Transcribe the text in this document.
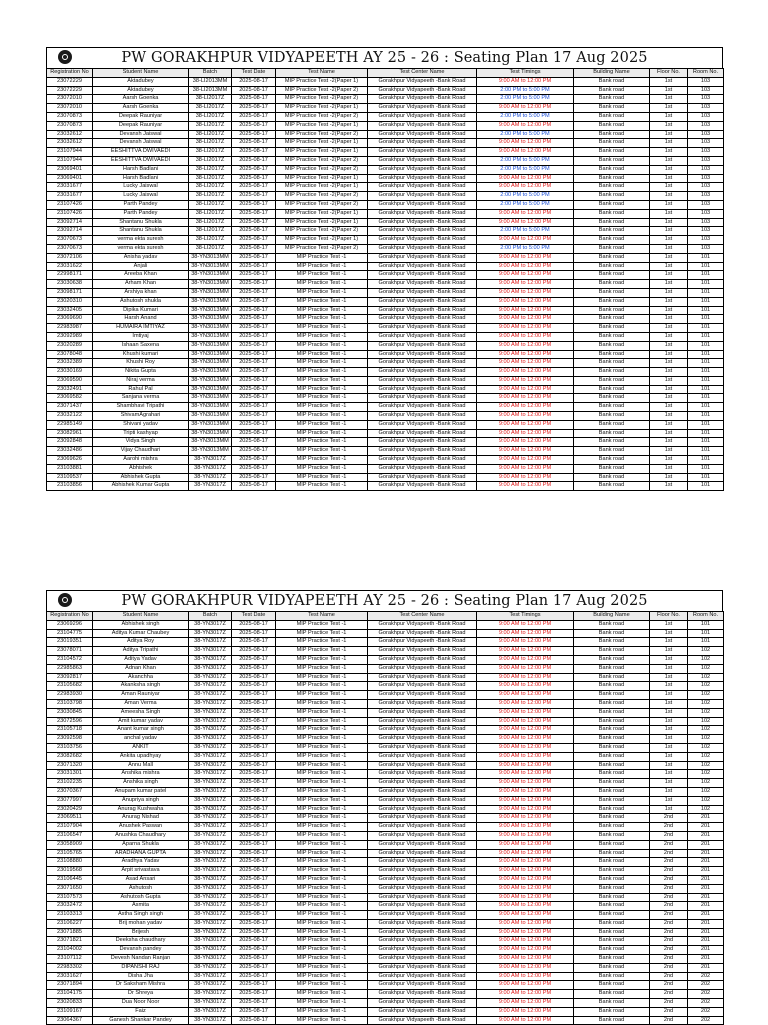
PW GORAKHPUR VIDYAPEETH AY 25 - 26 : Seating Plan 17 Aug 2025
Registration No	Student Name	Batch	Test Date	Test Name	Test Center Name	Test Timings	Building Name	Floor No.	Room No.
23072229	Aktadubey	38-LI2013MM	2025-08-17	MIP Practice Test -2(Paper 1)	Gorakhpur Vidyapeeth -Bank Road	9:00 AM to 12:00 PM	Bank road	1st	103
23072229	Aktadubey	38-LI2013MM	2025-08-17	MIP Practice Test -2(Paper 2)	Gorakhpur Vidyapeeth -Bank Road	2:00 PM to 5:00 PM	Bank road	1st	103
23072010	Aarsh Goenka	38-LI2017Z	2025-08-17	MIP Practice Test -2(Paper 2)	Gorakhpur Vidyapeeth -Bank Road	2:00 PM to 5:00 PM	Bank road	1st	103
23072010	Aarsh Goenka	38-LI2017Z	2025-08-17	MIP Practice Test -2(Paper 1)	Gorakhpur Vidyapeeth -Bank Road	9:00 AM to 12:00 PM	Bank road	1st	103
23070873	Deepak Rauniyar	38-LI2017Z	2025-08-17	MIP Practice Test -2(Paper 2)	Gorakhpur Vidyapeeth -Bank Road	2:00 PM to 5:00 PM	Bank road	1st	103
23070873	Deepak Rauniyar	38-LI2017Z	2025-08-17	MIP Practice Test -2(Paper 1)	Gorakhpur Vidyapeeth -Bank Road	9:00 AM to 12:00 PM	Bank road	1st	103
23032612	Devansh Jaiswal	38-LI2017Z	2025-08-17	MIP Practice Test -2(Paper 2)	Gorakhpur Vidyapeeth -Bank Road	2:00 PM to 5:00 PM	Bank road	1st	103
23032612	Devansh Jaiswal	38-LI2017Z	2025-08-17	MIP Practice Test -2(Paper 1)	Gorakhpur Vidyapeeth -Bank Road	9:00 AM to 12:00 PM	Bank road	1st	103
23107944	EESHITTVA DWIVAEDI	38-LI2017Z	2025-08-17	MIP Practice Test -2(Paper 1)	Gorakhpur Vidyapeeth -Bank Road	9:00 AM to 12:00 PM	Bank road	1st	103
23107944	EESHITTVA DWIVAEDI	38-LI2017Z	2025-08-17	MIP Practice Test -2(Paper 2)	Gorakhpur Vidyapeeth -Bank Road	2:00 PM to 5:00 PM	Bank road	1st	103
23069401	Harsh Badlani	38-LI2017Z	2025-08-17	MIP Practice Test -2(Paper 2)	Gorakhpur Vidyapeeth -Bank Road	2:00 PM to 5:00 PM	Bank road	1st	103
23069401	Harsh Badlani	38-LI2017Z	2025-08-17	MIP Practice Test -2(Paper 1)	Gorakhpur Vidyapeeth -Bank Road	9:00 AM to 12:00 PM	Bank road	1st	103
23031677	Lucky Jaiswal	38-LI2017Z	2025-08-17	MIP Practice Test -2(Paper 1)	Gorakhpur Vidyapeeth -Bank Road	9:00 AM to 12:00 PM	Bank road	1st	103
23031677	Lucky Jaiswal	38-LI2017Z	2025-08-17	MIP Practice Test -2(Paper 2)	Gorakhpur Vidyapeeth -Bank Road	2:00 PM to 5:00 PM	Bank road	1st	103
23107426	Parth Pandey	38-LI2017Z	2025-08-17	MIP Practice Test -2(Paper 2)	Gorakhpur Vidyapeeth -Bank Road	2:00 PM to 5:00 PM	Bank road	1st	103
23107426	Parth Pandey	38-LI2017Z	2025-08-17	MIP Practice Test -2(Paper 1)	Gorakhpur Vidyapeeth -Bank Road	9:00 AM to 12:00 PM	Bank road	1st	103
23092714	Shantanu Shukla	38-LI2017Z	2025-08-17	MIP Practice Test -2(Paper 1)	Gorakhpur Vidyapeeth -Bank Road	9:00 AM to 12:00 PM	Bank road	1st	103
23092714	Shantanu Shukla	38-LI2017Z	2025-08-17	MIP Practice Test -2(Paper 2)	Gorakhpur Vidyapeeth -Bank Road	2:00 PM to 5:00 PM	Bank road	1st	103
23070673	verma ekta suresh	38-LI2017Z	2025-08-17	MIP Practice Test -2(Paper 1)	Gorakhpur Vidyapeeth -Bank Road	9:00 AM to 12:00 PM	Bank road	1st	103
23070673	verma ekta suresh	38-LI2017Z	2025-08-17	MIP Practice Test -2(Paper 2)	Gorakhpur Vidyapeeth -Bank Road	2:00 PM to 5:00 PM	Bank road	1st	103
23072106	Anisha yadav	38-YN3013MM	2025-08-17	MIP Practice Test -1	Gorakhpur Vidyapeeth -Bank Road	9:00 AM to 12:00 PM	Bank road	1st	101
23031622	Anjali	38-YN3013MM	2025-08-17	MIP Practice Test -1	Gorakhpur Vidyapeeth -Bank Road	9:00 AM to 12:00 PM	Bank road	1st	101
22998171	Areeba Khan	38-YN3013MM	2025-08-17	MIP Practice Test -1	Gorakhpur Vidyapeeth -Bank Road	9:00 AM to 12:00 PM	Bank road	1st	101
23030638	Arham Khan	38-YN3013MM	2025-08-17	MIP Practice Test -1	Gorakhpur Vidyapeeth -Bank Road	9:00 AM to 12:00 PM	Bank road	1st	101
23098171	Arshiya khan	38-YN3013MM	2025-08-17	MIP Practice Test -1	Gorakhpur Vidyapeeth -Bank Road	9:00 AM to 12:00 PM	Bank road	1st	101
23020310	Ashutosh shukla	38-YN3013MM	2025-08-17	MIP Practice Test -1	Gorakhpur Vidyapeeth -Bank Road	9:00 AM to 12:00 PM	Bank road	1st	101
23032405	Dipika Kumari	38-YN3013MM	2025-08-17	MIP Practice Test -1	Gorakhpur Vidyapeeth -Bank Road	9:00 AM to 12:00 PM	Bank road	1st	101
23069690	Harsh Anand	38-YN3013MM	2025-08-17	MIP Practice Test -1	Gorakhpur Vidyapeeth -Bank Road	9:00 AM to 12:00 PM	Bank road	1st	101
22983987	HUMAIRA IMTIYAZ	38-YN3013MM	2025-08-17	MIP Practice Test -1	Gorakhpur Vidyapeeth -Bank Road	9:00 AM to 12:00 PM	Bank road	1st	101
23092989	Imtiyaj	38-YN3013MM	2025-08-17	MIP Practice Test -1	Gorakhpur Vidyapeeth -Bank Road	9:00 AM to 12:00 PM	Bank road	1st	101
23020289	Ishaan Saxena	38-YN3013MM	2025-08-17	MIP Practice Test -1	Gorakhpur Vidyapeeth -Bank Road	9:00 AM to 12:00 PM	Bank road	1st	101
23078048	Khushi kumari	38-YN3013MM	2025-08-17	MIP Practice Test -1	Gorakhpur Vidyapeeth -Bank Road	9:00 AM to 12:00 PM	Bank road	1st	101
23032389	Khushi Roy	38-YN3013MM	2025-08-17	MIP Practice Test -1	Gorakhpur Vidyapeeth -Bank Road	9:00 AM to 12:00 PM	Bank road	1st	101
23030169	Nikita Gupta	38-YN3013MM	2025-08-17	MIP Practice Test -1	Gorakhpur Vidyapeeth -Bank Road	9:00 AM to 12:00 PM	Bank road	1st	101
23069590	Niraj verma	38-YN3013MM	2025-08-17	MIP Practice Test -1	Gorakhpur Vidyapeeth -Bank Road	9:00 AM to 12:00 PM	Bank road	1st	101
23032491	Rahul Pal	38-YN3013MM	2025-08-17	MIP Practice Test -1	Gorakhpur Vidyapeeth -Bank Road	9:00 AM to 12:00 PM	Bank road	1st	101
23069582	Sanjana verma	38-YN3013MM	2025-08-17	MIP Practice Test -1	Gorakhpur Vidyapeeth -Bank Road	9:00 AM to 12:00 PM	Bank road	1st	101
23071437	Shambhavi Tripathi	38-YN3013MM	2025-08-17	MIP Practice Test -1	Gorakhpur Vidyapeeth -Bank Road	9:00 AM to 12:00 PM	Bank road	1st	101
23032122	ShivamAgrahari	38-YN3013MM	2025-08-17	MIP Practice Test -1	Gorakhpur Vidyapeeth -Bank Road	9:00 AM to 12:00 PM	Bank road	1st	101
22985149	Shivani yadav	38-YN3013MM	2025-08-17	MIP Practice Test -1	Gorakhpur Vidyapeeth -Bank Road	9:00 AM to 12:00 PM	Bank road	1st	101
23082961	Tripti kashyap	38-YN3013MM	2025-08-17	MIP Practice Test -1	Gorakhpur Vidyapeeth -Bank Road	9:00 AM to 12:00 PM	Bank road	1st	101
23092848	Vidya Singh	38-YN3013MM	2025-08-17	MIP Practice Test -1	Gorakhpur Vidyapeeth -Bank Road	9:00 AM to 12:00 PM	Bank road	1st	101
23032486	Vijay Chaudhari	38-YN3013MM	2025-08-17	MIP Practice Test -1	Gorakhpur Vidyapeeth -Bank Road	9:00 AM to 12:00 PM	Bank road	1st	101
23069626	Aarohi mishra	38-YN3017Z	2025-08-17	MIP Practice Test -1	Gorakhpur Vidyapeeth -Bank Road	9:00 AM to 12:00 PM	Bank road	1st	101
23103881	Abhishek	38-YN3017Z	2025-08-17	MIP Practice Test -1	Gorakhpur Vidyapeeth -Bank Road	9:00 AM to 12:00 PM	Bank road	1st	101
23109537	Abhishek Gupta	38-YN3017Z	2025-08-17	MIP Practice Test -1	Gorakhpur Vidyapeeth -Bank Road	9:00 AM to 12:00 PM	Bank road	1st	101
23103856	Abhishek Kumar Gupta	38-YN3017Z	2025-08-17	MIP Practice Test -1	Gorakhpur Vidyapeeth -Bank Road	9:00 AM to 12:00 PM	Bank road	1st	101
PW GORAKHPUR VIDYAPEETH AY 25 - 26 : Seating Plan 17 Aug 2025
Registration No	Student Name	Batch	Test Date	Test Name	Test Center Name	Test Timings	Building Name	Floor No.	Room No.
23069296	Abhishek singh	38-YN3017Z	2025-08-17	MIP Practice Test -1	Gorakhpur Vidyapeeth -Bank Road	9:00 AM to 12:00 PM	Bank road	1st	101
23104775	Aditya Kumar Chaubey	38-YN3017Z	2025-08-17	MIP Practice Test -1	Gorakhpur Vidyapeeth -Bank Road	9:00 AM to 12:00 PM	Bank road	1st	101
23019351	Aditya Roy	38-YN3017Z	2025-08-17	MIP Practice Test -1	Gorakhpur Vidyapeeth -Bank Road	9:00 AM to 12:00 PM	Bank road	1st	101
23078071	Aditya Tripathi	38-YN3017Z	2025-08-17	MIP Practice Test -1	Gorakhpur Vidyapeeth -Bank Road	9:00 AM to 12:00 PM	Bank road	1st	102
23104572	Aditya Yadav	38-YN3017Z	2025-08-17	MIP Practice Test -1	Gorakhpur Vidyapeeth -Bank Road	9:00 AM to 12:00 PM	Bank road	1st	102
22985863	Adnan Khan	38-YN3017Z	2025-08-17	MIP Practice Test -1	Gorakhpur Vidyapeeth -Bank Road	9:00 AM to 12:00 PM	Bank road	1st	102
23092817	Akanchha	38-YN3017Z	2025-08-17	MIP Practice Test -1	Gorakhpur Vidyapeeth -Bank Road	9:00 AM to 12:00 PM	Bank road	1st	102
23105682	Akanksha singh	38-YN3017Z	2025-08-17	MIP Practice Test -1	Gorakhpur Vidyapeeth -Bank Road	9:00 AM to 12:00 PM	Bank road	1st	102
22983930	Aman Rauniyar	38-YN3017Z	2025-08-17	MIP Practice Test -1	Gorakhpur Vidyapeeth -Bank Road	9:00 AM to 12:00 PM	Bank road	1st	102
23103798	Aman Verma	38-YN3017Z	2025-08-17	MIP Practice Test -1	Gorakhpur Vidyapeeth -Bank Road	9:00 AM to 12:00 PM	Bank road	1st	102
23030845	Ameesha Singh	38-YN3017Z	2025-08-17	MIP Practice Test -1	Gorakhpur Vidyapeeth -Bank Road	9:00 AM to 12:00 PM	Bank road	1st	102
23072596	Amit kumar yadav	38-YN3017Z	2025-08-17	MIP Practice Test -1	Gorakhpur Vidyapeeth -Bank Road	9:00 AM to 12:00 PM	Bank road	1st	102
23105718	Anant kumar singh	38-YN3017Z	2025-08-17	MIP Practice Test -1	Gorakhpur Vidyapeeth -Bank Road	9:00 AM to 12:00 PM	Bank road	1st	102
23092598	anchal yadav	38-YN3017Z	2025-08-17	MIP Practice Test -1	Gorakhpur Vidyapeeth -Bank Road	9:00 AM to 12:00 PM	Bank road	1st	102
23103756	ANKIT	38-YN3017Z	2025-08-17	MIP Practice Test -1	Gorakhpur Vidyapeeth -Bank Road	9:00 AM to 12:00 PM	Bank road	1st	102
23082682	Ankita upadhyay	38-YN3017Z	2025-08-17	MIP Practice Test -1	Gorakhpur Vidyapeeth -Bank Road	9:00 AM to 12:00 PM	Bank road	1st	102
23071320	Annu Mall	38-YN3017Z	2025-08-17	MIP Practice Test -1	Gorakhpur Vidyapeeth -Bank Road	9:00 AM to 12:00 PM	Bank road	1st	102
23031301	Anshika mishra	38-YN3017Z	2025-08-17	MIP Practice Test -1	Gorakhpur Vidyapeeth -Bank Road	9:00 AM to 12:00 PM	Bank road	1st	102
23102235	Anshika singh	38-YN3017Z	2025-08-17	MIP Practice Test -1	Gorakhpur Vidyapeeth -Bank Road	9:00 AM to 12:00 PM	Bank road	1st	102
23070367	Anupam kumar patel	38-YN3017Z	2025-08-17	MIP Practice Test -1	Gorakhpur Vidyapeeth -Bank Road	9:00 AM to 12:00 PM	Bank road	1st	102
23077997	Anupriya singh	38-YN3017Z	2025-08-17	MIP Practice Test -1	Gorakhpur Vidyapeeth -Bank Road	9:00 AM to 12:00 PM	Bank road	1st	102
23020429	Anurag Kushwaha	38-YN3017Z	2025-08-17	MIP Practice Test -1	Gorakhpur Vidyapeeth -Bank Road	9:00 AM to 12:00 PM	Bank road	1st	102
23069511	Anurag Nishad	38-YN3017Z	2025-08-17	MIP Practice Test -1	Gorakhpur Vidyapeeth -Bank Road	9:00 AM to 12:00 PM	Bank road	2nd	201
23107904	Anushek Paswan	38-YN3017Z	2025-08-17	MIP Practice Test -1	Gorakhpur Vidyapeeth -Bank Road	9:00 AM to 12:00 PM	Bank road	2nd	201
23106547	Anushka Chaudhary	38-YN3017Z	2025-08-17	MIP Practice Test -1	Gorakhpur Vidyapeeth -Bank Road	9:00 AM to 12:00 PM	Bank road	2nd	201
23058909	Aparna Shukla	38-YN3017Z	2025-08-17	MIP Practice Test -1	Gorakhpur Vidyapeeth -Bank Road	9:00 AM to 12:00 PM	Bank road	2nd	201
23105765	ARADHANA GUPTA	38-YN3017Z	2025-08-17	MIP Practice Test -1	Gorakhpur Vidyapeeth -Bank Road	9:00 AM to 12:00 PM	Bank road	2nd	201
23108880	Aradhya Yadav	38-YN3017Z	2025-08-17	MIP Practice Test -1	Gorakhpur Vidyapeeth -Bank Road	9:00 AM to 12:00 PM	Bank road	2nd	201
23019568	Arpit srivastava	38-YN3017Z	2025-08-17	MIP Practice Test -1	Gorakhpur Vidyapeeth -Bank Road	9:00 AM to 12:00 PM	Bank road	2nd	201
23106445	Asad Ansari	38-YN3017Z	2025-08-17	MIP Practice Test -1	Gorakhpur Vidyapeeth -Bank Road	9:00 AM to 12:00 PM	Bank road	2nd	201
23071650	Ashutosh	38-YN3017Z	2025-08-17	MIP Practice Test -1	Gorakhpur Vidyapeeth -Bank Road	9:00 AM to 12:00 PM	Bank road	2nd	201
23107573	Ashutosh Gupta	38-YN3017Z	2025-08-17	MIP Practice Test -1	Gorakhpur Vidyapeeth -Bank Road	9:00 AM to 12:00 PM	Bank road	2nd	201
23032472	Asmita	38-YN3017Z	2025-08-17	MIP Practice Test -1	Gorakhpur Vidyapeeth -Bank Road	9:00 AM to 12:00 PM	Bank road	2nd	201
23103313	Astha Singh singh	38-YN3017Z	2025-08-17	MIP Practice Test -1	Gorakhpur Vidyapeeth -Bank Road	9:00 AM to 12:00 PM	Bank road	2nd	201
23106227	Brij mohan yadav	38-YN3017Z	2025-08-17	MIP Practice Test -1	Gorakhpur Vidyapeeth -Bank Road	9:00 AM to 12:00 PM	Bank road	2nd	201
23071885	Brijesh	38-YN3017Z	2025-08-17	MIP Practice Test -1	Gorakhpur Vidyapeeth -Bank Road	9:00 AM to 12:00 PM	Bank road	2nd	201
23071821	Deeksha chaudhary	38-YN3017Z	2025-08-17	MIP Practice Test -1	Gorakhpur Vidyapeeth -Bank Road	9:00 AM to 12:00 PM	Bank road	2nd	201
23104002	Devansh pandey	38-YN3017Z	2025-08-17	MIP Practice Test -1	Gorakhpur Vidyapeeth -Bank Road	9:00 AM to 12:00 PM	Bank road	2nd	201
23107112	Devesh Nandan Ranjan	38-YN3017Z	2025-08-17	MIP Practice Test -1	Gorakhpur Vidyapeeth -Bank Road	9:00 AM to 12:00 PM	Bank road	2nd	201
22983302	DIPANSHI RAJ	38-YN3017Z	2025-08-17	MIP Practice Test -1	Gorakhpur Vidyapeeth -Bank Road	9:00 AM to 12:00 PM	Bank road	2nd	201
23031627	Disha Jha	38-YN3017Z	2025-08-17	MIP Practice Test -1	Gorakhpur Vidyapeeth -Bank Road	9:00 AM to 12:00 PM	Bank road	2nd	202
23071894	Dr Saksham Mishra	38-YN3017Z	2025-08-17	MIP Practice Test -1	Gorakhpur Vidyapeeth -Bank Road	9:00 AM to 12:00 PM	Bank road	2nd	202
23104175	Dr Shreya	38-YN3017Z	2025-08-17	MIP Practice Test -1	Gorakhpur Vidyapeeth -Bank Road	9:00 AM to 12:00 PM	Bank road	2nd	202
23020833	Dua Noor Noor	38-YN3017Z	2025-08-17	MIP Practice Test -1	Gorakhpur Vidyapeeth -Bank Road	9:00 AM to 12:00 PM	Bank road	2nd	202
23109167	Faiz	38-YN3017Z	2025-08-17	MIP Practice Test -1	Gorakhpur Vidyapeeth -Bank Road	9:00 AM to 12:00 PM	Bank road	2nd	202
23064367	Ganesh Shankar Pandey	38-YN3017Z	2025-08-17	MIP Practice Test -1	Gorakhpur Vidyapeeth -Bank Road	9:00 AM to 12:00 PM	Bank road	2nd	202
